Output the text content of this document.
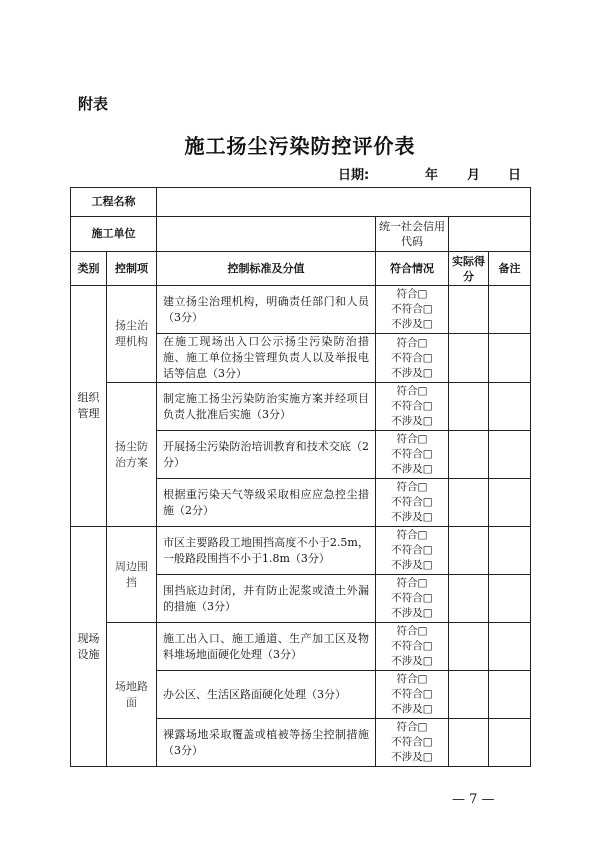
附表
施工扬尘污染防控评价表
日期:	年 月 日
工程名称					
施工单位			统一社会信用代码		
类别	控制项	控制标准及分值	符合情况	实际得分	备注
组织管理	扬尘治理机构	建立扬尘治理机构，明确责任部门和人员（3分）	符合□
不符合□
不涉及□		

		在施工现场出入口公示扬尘污染防治措施、施工单位扬尘管理负责人以及举报电话等信息（3分）	符合□
不符合□
不涉及□		

	扬尘防治方案	制定施工扬尘污染防治实施方案并经项目负责人批准后实施（3分）	符合□
不符合□
不涉及□		

		开展扬尘污染防治培训教育和技术交底（2分）	符合□
不符合□
不涉及□		

		根据重污染天气等级采取相应应急控尘措施（2分）	符合□
不符合□
不涉及□		

现场设施	周边围挡	市区主要路段工地围挡高度不小于2.5m，一般路段围挡不小于1.8m（3分）	符合□
不符合□
不涉及□		

		围挡底边封闭，并有防止泥浆或渣土外漏的措施（3分）	符合□
不符合□
不涉及□		

	场地路面	施工出入口、施工通道、生产加工区及物料堆场地面硬化处理（3分）	符合□
不符合□
不涉及□		

		办公区、生活区路面硬化处理（3分）	符合□
不符合□
不涉及□		

		裸露场地采取覆盖或植被等扬尘控制措施（3分）	符合□
不符合□
不涉及□		

— 7 —
